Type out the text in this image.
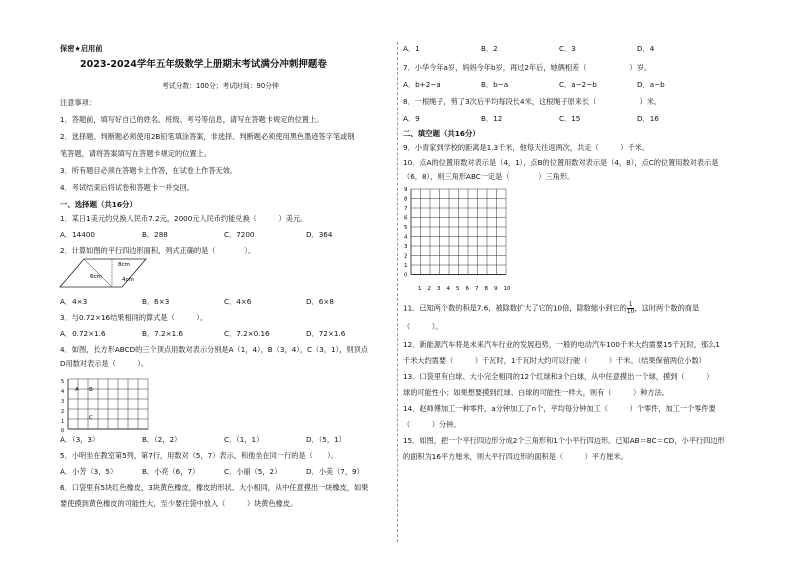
保密★启用前
2023-2024学年五年级数学上册期末考试满分冲刺押题卷
考试分数：100分；考试时间：90分钟
注意事项：
1．答题前，填写好自己的姓名、班级、考号等信息，请写在答题卡规定的位置上。
2．选择题、判断题必须使用2B铅笔填涂答案，非选择、判断题必须使用黑色墨迹签字笔或钢
笔答题，请将答案填写在答题卡规定的位置上。
3．所有题目必须在答题卡上作答，在试卷上作答无效。
4．考试结束后将试卷和答题卡一并交回。
一、选择题（共16分）
1．某日1美元约兑换人民币7.2元，2000元人民币约能兑换（　　　）美元。
A．14400	B．288	C．7200	D．364
2．计算如图的平行四边形面积，列式正确的是（　　　　）。
8cm
6cm	4cm
A．4×3	B．6×3	C．4×6	D．6×8
3．与0.72×16结果相同的算式是（　　　）。
A．0.72×1.6	B．7.2×1.6	C．7.2×0.16	D．72×1.6
4．如图，长方形ABCD的三个顶点用数对表示分别是A（1，4），B（3，4），C（3，1），则顶点
D用数对表示是（　　　）。
5
4
3
2
1
0
A B
C
A．（3，3）	B．（2，2）	C．（1，1）	D．（5，1）
5．小明坐在教室第5列，第7行，用数对（5，7）表示，和他坐在同一行的是（　　）。
A．小芳（3，5）	B．小亮（6，7）	C．小丽（5，2）	D．小美（7，9）
6．口袋里有5块红色橡皮，3块黄色橡皮，橡皮的形状、大小相同，从中任意摸出一块橡皮，如果
要使摸到黄色橡皮的可能性大，至少要往袋中放入（　　　）块黄色橡皮。
A．1	B．2	C．3	D．4
7．小华今年a岁，妈妈今年b岁，再过2年后，她俩相差（　　　　　　）岁。
A．b+2−a	B．b−a	C．a−2−b	D．a−b
8．一根绳子，剪了3次后平均每段长4米，这根绳子原来长（　　　　　　）米。
A．9	B．12	C．15	D．16
二、填空题（共16分）
9．小青家到学校的距离是1.3千米，他每天往返两次，共走（　　　）千米。
10．点A的位置用数对表示是（4，1），点B的位置用数对表示是（4，8），点C的位置用数对表示是
（6，8），则三角形ABC一定是（　　　　）三角形。
9
8
7
6
5
4
3
2
1
0
1 2 3 4 5 6 7 8 9 10
11．已知两个数的积是7.6，被除数扩大了它的10倍，除数缩小到它的 $\frac{1}{10}$ ，这时两个数的商是
（　　　）。
12．新能源汽车将是未来汽车行业的发展趋势，一般的电动汽车100千米大约需要15千瓦时，那么1
千米大约需要（　　　）千瓦时，1千瓦时大约可以行驶（　　　）千米。（结果保留两位小数）
13．口袋里有白球、大小完全相同的12个红球和3个白球，从中任意摸出一个球，摸到（　　　）
球的可能性小；如果想要摸到红球、白球的可能性一样大，则有（　　　）种方法。
14．赵师傅加工一种零件，a分钟加工了n个，平均每分钟加工（　　　）个零件，加工一个零件要
（　　　）分钟。
15．如图，把一个平行四边形分成2个三角形和1个小平行四边形。已知AB＝BC＝CD，小平行四边形
的面积为16平方厘米，则大平行四边形的面积是（　　　）平方厘米。
